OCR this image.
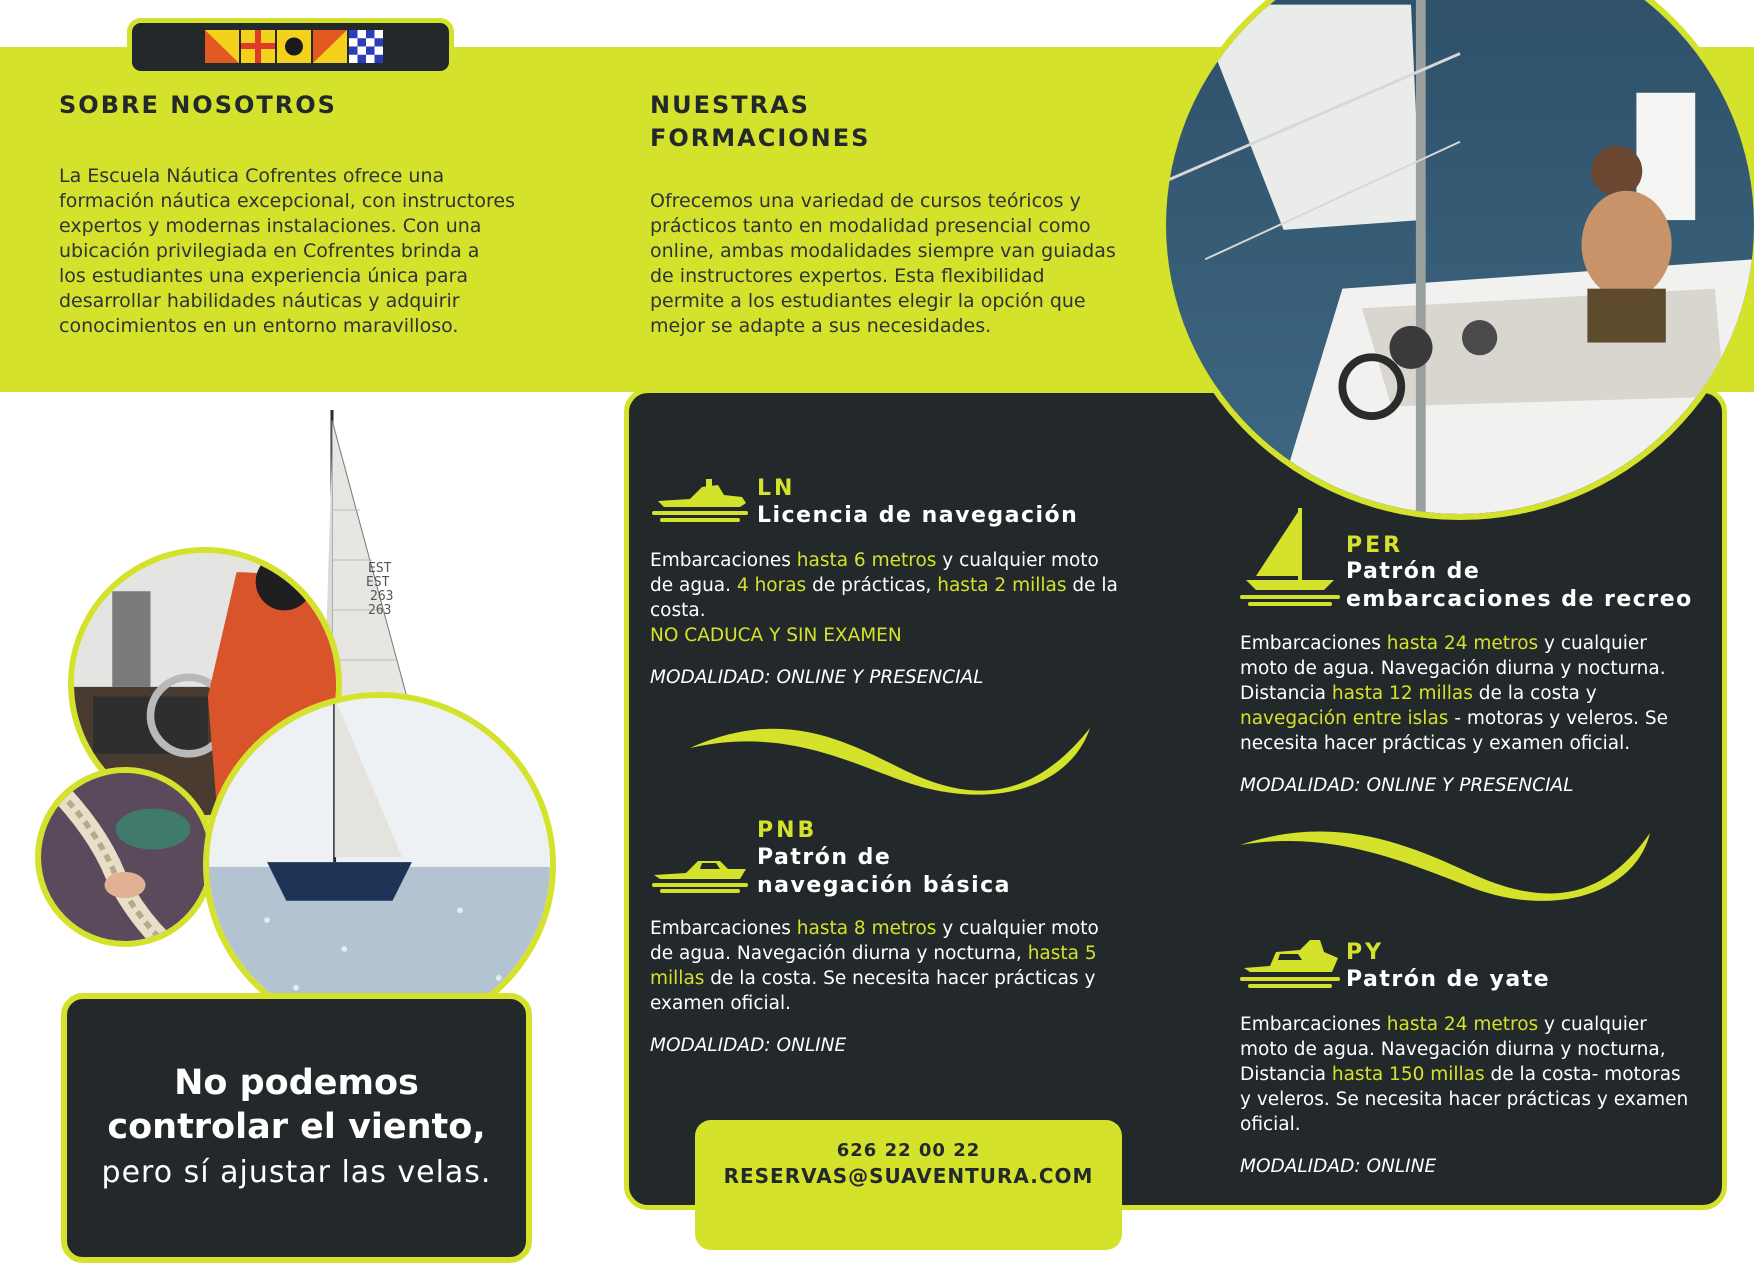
SOBRE NOSOTROS
La Escuela Náutica Cofrentes ofrece una
formación náutica excepcional, con instructores
expertos y modernas instalaciones. Con una
ubicación privilegiada en Cofrentes brinda a
los estudiantes una experiencia única para
desarrollar habilidades náuticas y adquirir
conocimientos en un entorno maravilloso.
NUESTRAS
FORMACIONES
Ofrecemos una variedad de cursos teóricos y
prácticos tanto en modalidad presencial como
online, ambas modalidades siempre van guiadas
de instructores expertos. Esta flexibilidad
permite a los estudiantes elegir la opción que
mejor se adapte a sus necesidades.
EST
EST
263
263
No podemos
controlar el viento,
pero sí ajustar las velas.
LN
Licencia de navegación

Embarcaciones hasta 6 metros y cualquier moto

de agua. 4 horas de prácticas, hasta 2 millas de la

costa.

NO CADUCA Y SIN EXAMEN

MODALIDAD: ONLINE Y PRESENCIAL
PNB
Patrón de
navegación básica

Embarcaciones hasta 8 metros y cualquier moto

de agua. Navegación diurna y nocturna, hasta 5

millas de la costa. Se necesita hacer prácticas y

examen oficial.

MODALIDAD: ONLINE
PER
Patrón de
embarcaciones de recreo

Embarcaciones hasta 24 metros y cualquier

moto de agua. Navegación diurna y nocturna.

Distancia hasta 12 millas de la costa y

navegación entre islas - motoras y veleros. Se

necesita hacer prácticas y examen oficial.

MODALIDAD: ONLINE Y PRESENCIAL
PY
Patrón de yate

Embarcaciones hasta 24 metros y cualquier

moto de agua. Navegación diurna y nocturna,

Distancia hasta 150 millas de la costa- motoras

y veleros. Se necesita hacer prácticas y examen

oficial.

MODALIDAD: ONLINE
626 22 00 22
RESERVAS@SUAVENTURA.COM
